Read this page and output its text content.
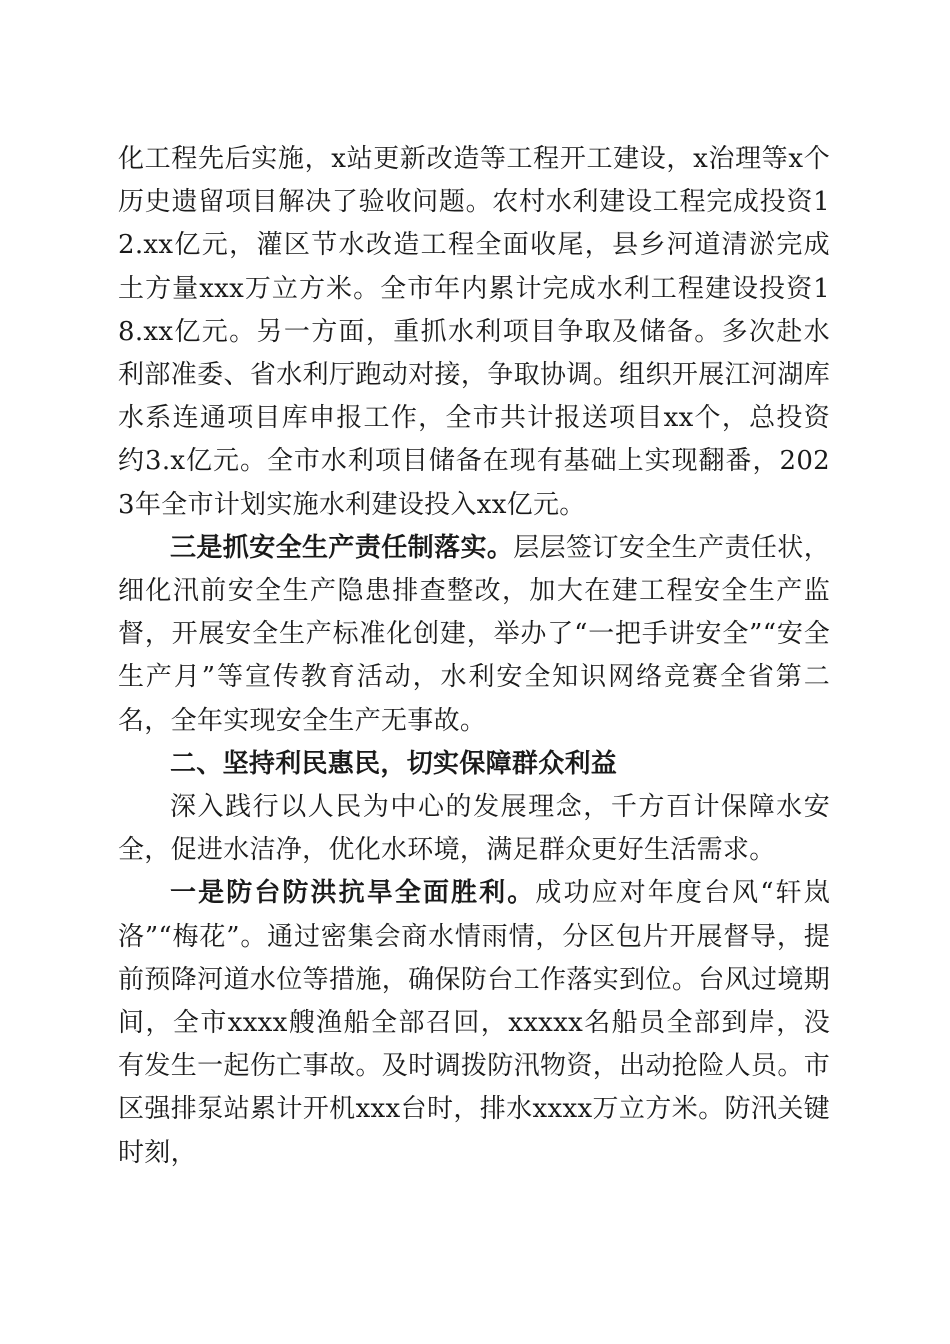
化工程先后实施，x站更新改造等工程开工建设，x治理等x个历史遗留项目解决了验收问题。农村水利建设工程完成投资12.xx亿元，灌区节水改造工程全面收尾，县乡河道清淤完成土方量xxx万立方米。全市年内累计完成水利工程建设投资18.xx亿元。另一方面，重抓水利项目争取及储备。多次赴水利部准委、省水利厅跑动对接，争取协调。组织开展江河湖库水系连通项目库申报工作，全市共计报送项目xx个，总投资约3.x亿元。全市水利项目储备在现有基础上实现翻番，2023年全市计划实施水利建设投入xx亿元。

三是抓安全生产责任制落实。层层签订安全生产责任状，细化汛前安全生产隐患排查整改，加大在建工程安全生产监督，开展安全生产标准化创建，举办了“一把手讲安全”“安全生产月”等宣传教育活动，水利安全知识网络竞赛全省第二名，全年实现安全生产无事故。

二、坚持利民惠民，切实保障群众利益

深入践行以人民为中心的发展理念，千方百计保障水安全，促进水洁净，优化水环境，满足群众更好生活需求。

一是防台防洪抗旱全面胜利。成功应对年度台风“轩岚洛”“梅花”。通过密集会商水情雨情，分区包片开展督导，提前预降河道水位等措施，确保防台工作落实到位。台风过境期间，全市xxxx艘渔船全部召回，xxxxx名船员全部到岸，没有发生一起伤亡事故。及时调拨防汛物资，出动抢险人员。市区强排泵站累计开机xxx台时，排水xxxx万立方米。防汛关键时刻，
